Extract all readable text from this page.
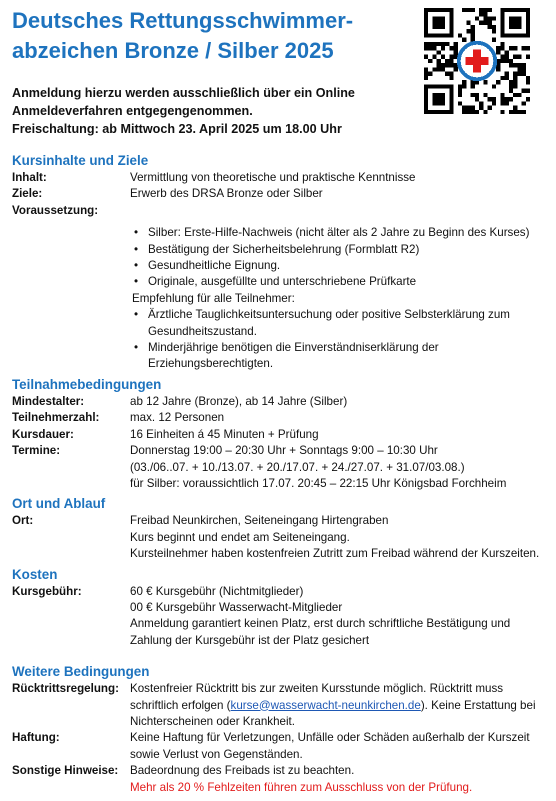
Deutsches Rettungsschwimmer-
abzeichen Bronze / Silber 2025

Anmeldung hierzu werden ausschließlich über ein Online
Anmeldeverfahren entgegengenommen.
Freischaltung: ab Mittwoch 23. April 2025 um 18.00 Uhr

Kursinhalte und Ziele
Inhalt:	Vermittlung von theoretische und praktische Kenntnisse
Ziele:	Erwerb des DRSA Bronze oder Silber
Voraussetzung:
• Silber: Erste-Hilfe-Nachweis (nicht älter als 2 Jahre zu Beginn des Kurses)
• Bestätigung der Sicherheitsbelehrung (Formblatt R2)
• Gesundheitliche Eignung.
• Originale, ausgefüllte und unterschriebene Prüfkarte
Empfehlung für alle Teilnehmer:
• Ärztliche Tauglichkeitsuntersuchung oder positive Selbsterklärung zum Gesundheitszustand.
• Minderjährige benötigen die Einverständniserklärung der Erziehungsberechtigten.
Teilnahmebedingungen
Mindestalter:	ab 12 Jahre (Bronze), ab 14 Jahre (Silber)
Teilnehmerzahl:	max. 12 Personen
Kursdauer:	16 Einheiten á 45 Minuten + Prüfung
Termine:	Donnerstag 19:00 – 20:30 Uhr + Sonntags 9:00 – 10:30 Uhr
(03./06..07. + 10./13.07. + 20./17.07. + 24./27.07. + 31.07/03.08.)
für Silber: voraussichtlich 17.07. 20:45 – 22:15 Uhr Königsbad Forchheim
Ort und Ablauf
Ort:	Freibad Neunkirchen, Seiteneingang Hirtengraben
Kurs beginnt und endet am Seiteneingang.
Kursteilnehmer haben kostenfreien Zutritt zum Freibad während der Kurszeiten.
Kosten
Kursgebühr:	60 € Kursgebühr (Nichtmitglieder)
00 € Kursgebühr Wasserwacht-Mitglieder
Anmeldung garantiert keinen Platz, erst durch schriftliche Bestätigung und Zahlung der Kursgebühr ist der Platz gesichert
Weitere Bedingungen
Rücktrittsregelung: Kostenfreier Rücktritt bis zur zweiten Kursstunde möglich. Rücktritt muss schriftlich erfolgen (kurse@wasserwacht-neunkirchen.de). Keine Erstattung bei Nichterscheinen oder Krankheit.
Haftung:	Keine Haftung für Verletzungen, Unfälle oder Schäden außerhalb der Kurszeit sowie Verlust von Gegenständen.
Sonstige Hinweise:	Badeordnung des Freibads ist zu beachten.
Mehr als 20 % Fehlzeiten führen zum Ausschluss von der Prüfung.
